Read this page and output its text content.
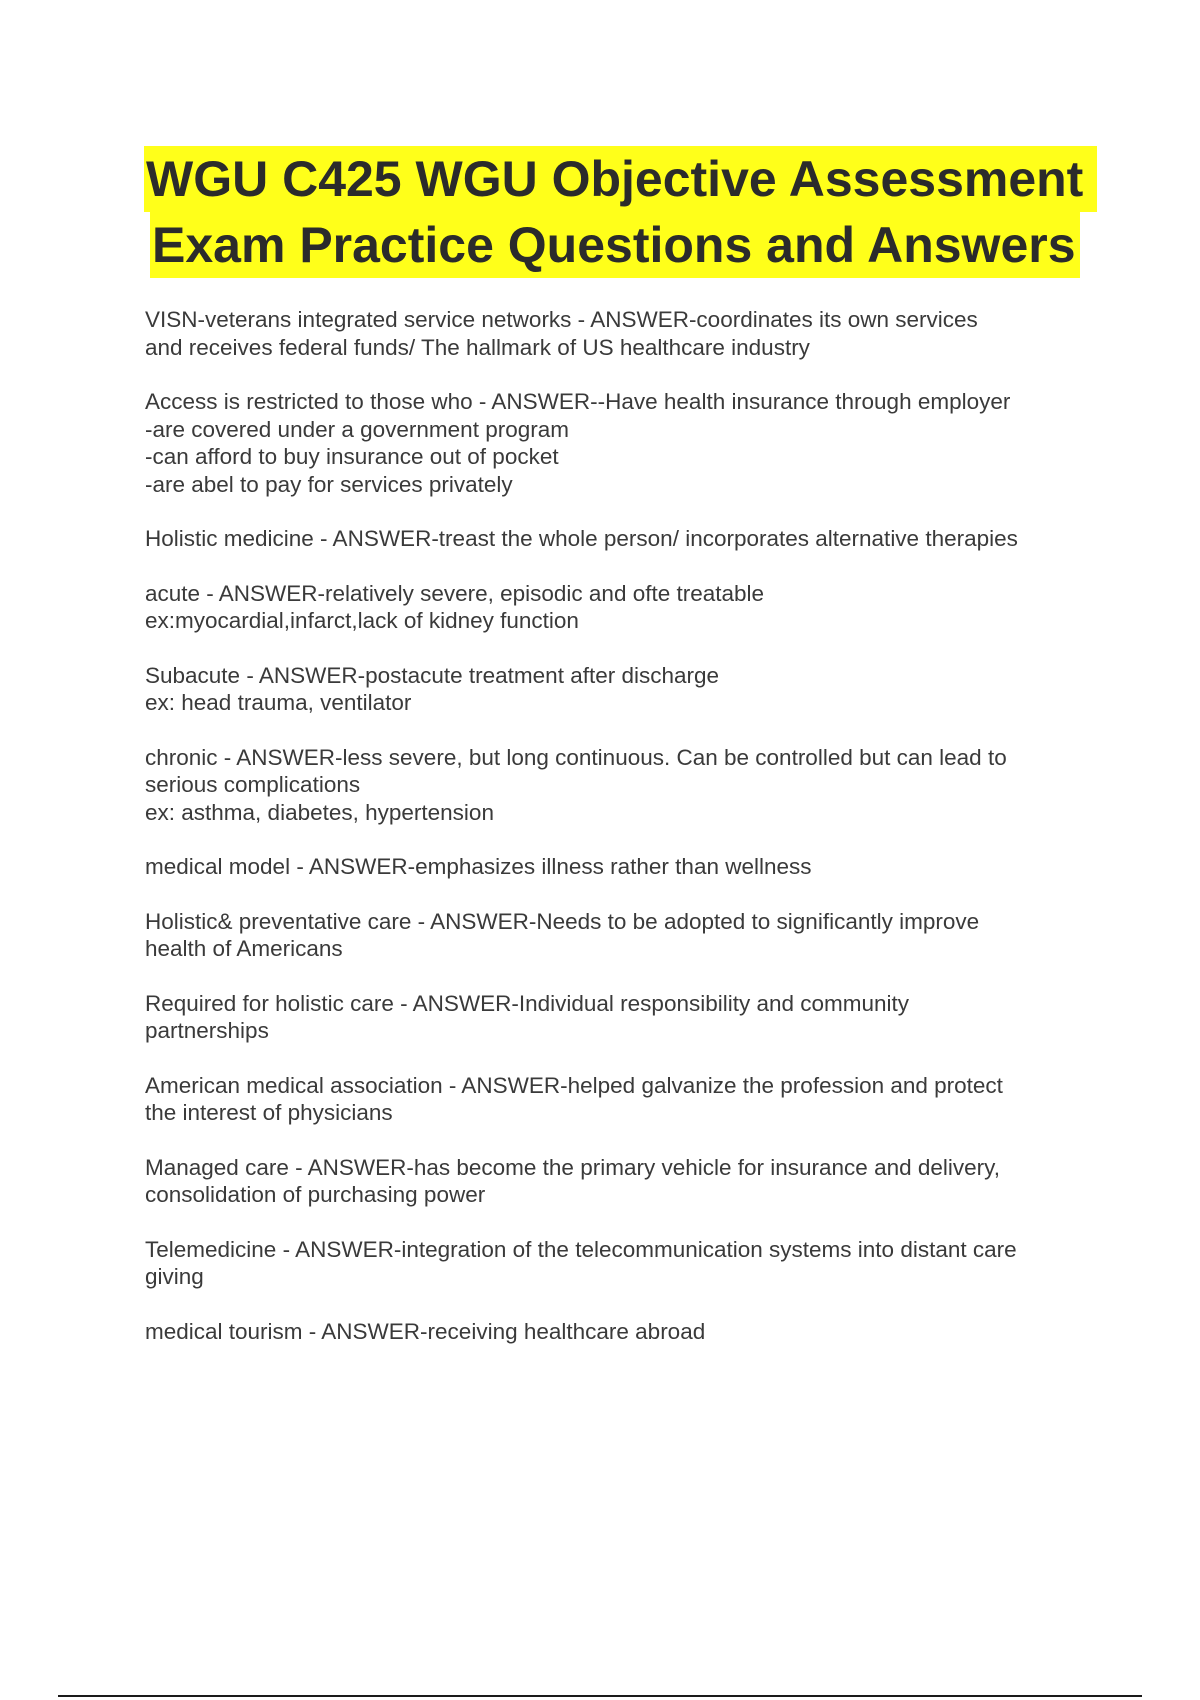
WGU C425 WGU Objective Assessment
Exam Practice Questions and Answers
VISN-veterans integrated service networks - ANSWER-coordinates its own services
and receives federal funds/ The hallmark of US healthcare industry
Access is restricted to those who - ANSWER--Have health insurance through employer
-are covered under a government program
-can afford to buy insurance out of pocket
-are abel to pay for services privately
Holistic medicine - ANSWER-treast the whole person/ incorporates alternative therapies
acute - ANSWER-relatively severe, episodic and ofte treatable
ex:myocardial,infarct,lack of kidney function
Subacute - ANSWER-postacute treatment after discharge
ex: head trauma, ventilator
chronic - ANSWER-less severe, but long continuous. Can be controlled but can lead to
serious complications
ex: asthma, diabetes, hypertension
medical model - ANSWER-emphasizes illness rather than wellness
Holistic& preventative care - ANSWER-Needs to be adopted to significantly improve
health of Americans
Required for holistic care - ANSWER-Individual responsibility and community
partnerships
American medical association - ANSWER-helped galvanize the profession and protect
the interest of physicians
Managed care - ANSWER-has become the primary vehicle for insurance and delivery,
consolidation of purchasing power
Telemedicine - ANSWER-integration of the telecommunication systems into distant care
giving
medical tourism - ANSWER-receiving healthcare abroad
